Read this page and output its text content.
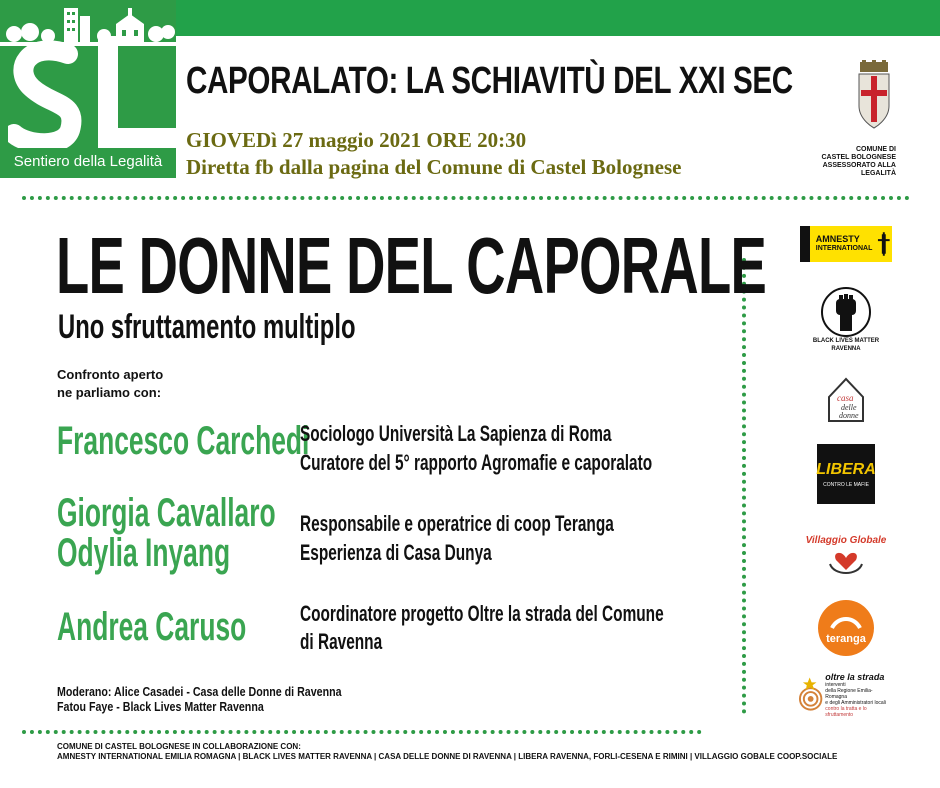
Sentiero della Legalità
CAPORALATO: LA SCHIAVITÙ DEL XXI SEC
GIOVEDì 27 maggio 2021 ORE 20:30
Diretta fb dalla pagina del Comune di Castel Bolognese
COMUNE DI
CASTEL BOLOGNESE
ASSESSORATO ALLA LEGALITÀ
LE DONNE DEL CAPORALE
Uno sfruttamento multiplo
Confronto aperto
ne parliamo con:
Francesco Carchedi
Sociologo Università La Sapienza di Roma
Curatore del 5° rapporto Agromafie e caporalato
Giorgia Cavallaro
Odylia Inyang
Responsabile e operatrice di coop Teranga
Esperienza di Casa Dunya
Andrea Caruso Coordinatore progetto Oltre la strada del Comune
di Ravenna
Moderano: Alice Casadei - Casa delle Donne di Ravenna
Fatou Faye - Black Lives Matter Ravenna
COMUNE DI CASTEL BOLOGNESE IN COLLABORAZIONE CON:
AMNESTY INTERNATIONAL EMILIA ROMAGNA | BLACK LIVES MATTER RAVENNA | CASA DELLE DONNE DI RAVENNA | LIBERA RAVENNA, FORLI-CESENA E RIMINI | VILLAGGIO GOBALE COOP.SOCIALE
AMNESTY
INTERNATIONAL
BLACK LIVES MATTER
RAVENNA
casa
delle
donne
LIBERA
CONTRO LE MAFIE
Villaggio Globale
teranga
oltre la strada
interventi
della Regione Emilia-Romagna
e degli Amministratori locali
contro la tratta e lo sfruttamento
